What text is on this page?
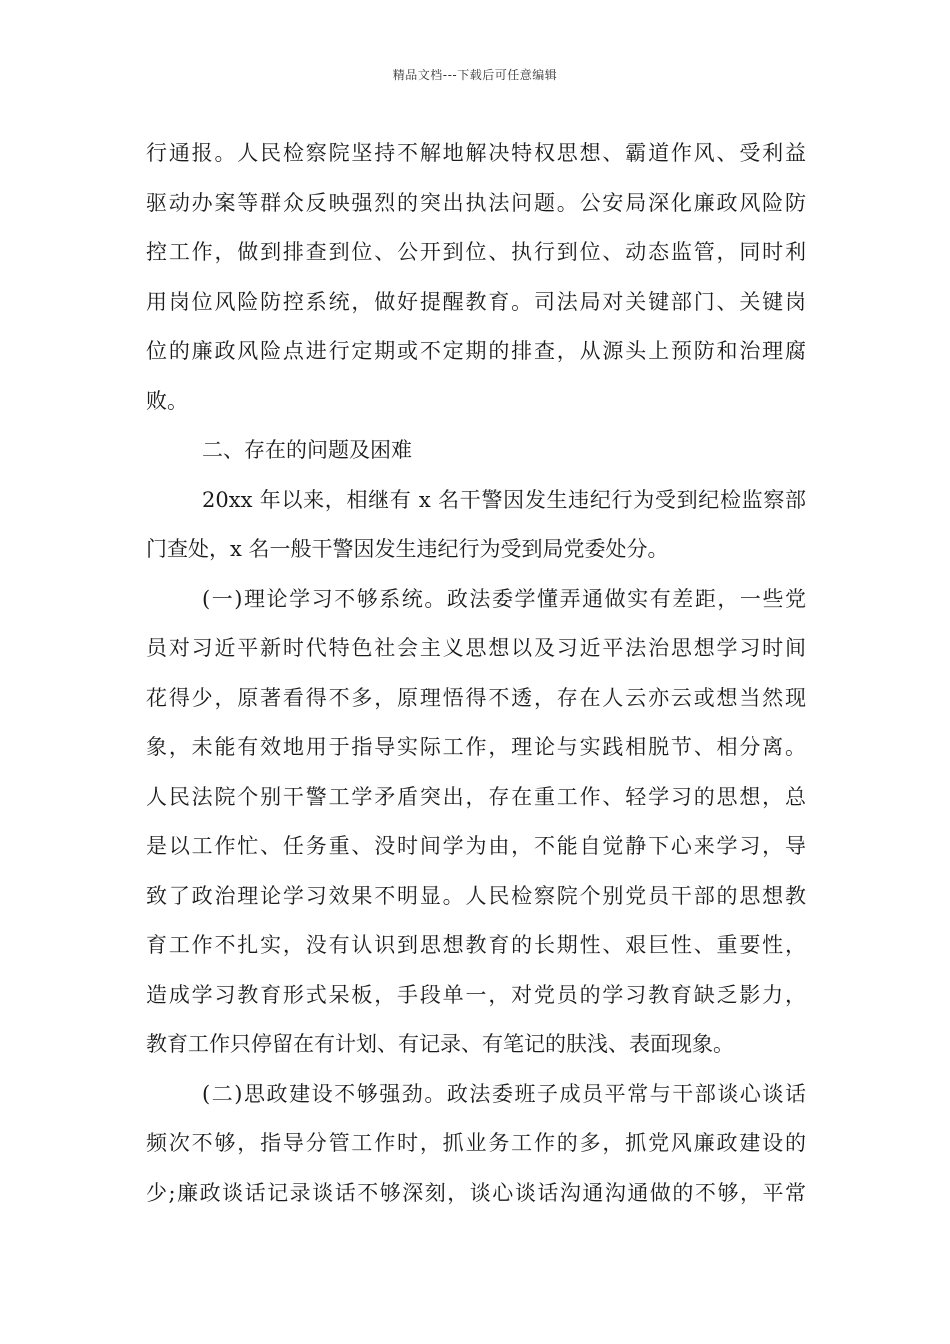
精品文档---下载后可任意编辑
行通报。人民检察院坚持不解地解决特权思想、霸道作风、受利益
驱动办案等群众反映强烈的突出执法问题。公安局深化廉政风险防
控工作，做到排查到位、公开到位、执行到位、动态监管，同时利
用岗位风险防控系统，做好提醒教育。司法局对关键部门、关键岗
位的廉政风险点进行定期或不定期的排查，从源头上预防和治理腐
败。
二、存在的问题及困难
20xx 年以来，相继有 x 名干警因发生违纪行为受到纪检监察部
门查处，x 名一般干警因发生违纪行为受到局党委处分。
(一)理论学习不够系统。政法委学懂弄通做实有差距，一些党
员对习近平新时代特色社会主义思想以及习近平法治思想学习时间
花得少，原著看得不多，原理悟得不透，存在人云亦云或想当然现
象，未能有效地用于指导实际工作，理论与实践相脱节、相分离。
人民法院个别干警工学矛盾突出，存在重工作、轻学习的思想，总
是以工作忙、任务重、没时间学为由，不能自觉静下心来学习，导
致了政治理论学习效果不明显。人民检察院个别党员干部的思想教
育工作不扎实，没有认识到思想教育的长期性、艰巨性、重要性，
造成学习教育形式呆板，手段单一，对党员的学习教育缺乏影力，
教育工作只停留在有计划、有记录、有笔记的肤浅、表面现象。
(二)思政建设不够强劲。政法委班子成员平常与干部谈心谈话
频次不够，指导分管工作时，抓业务工作的多，抓党风廉政建设的
少;廉政谈话记录谈话不够深刻，谈心谈话沟通沟通做的不够，平常
